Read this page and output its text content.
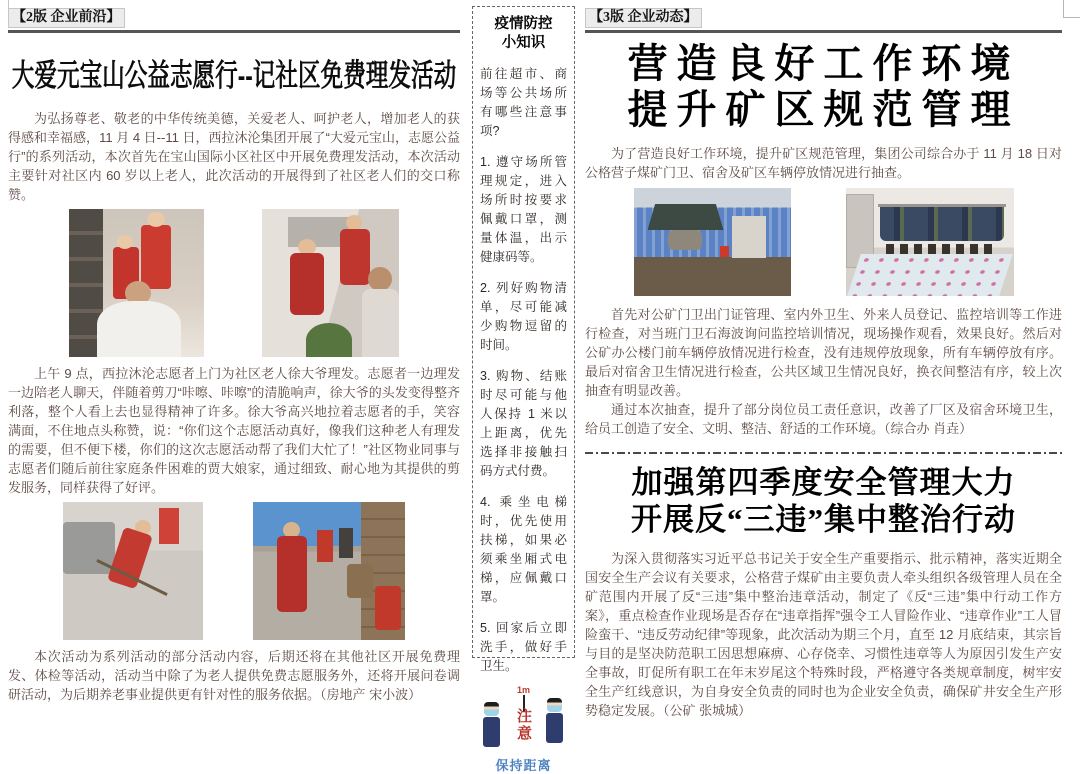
【2版 企业前沿】
大爱元宝山公益志愿行--记社区免费理发活动

为弘扬尊老、敬老的中华传统美德，关爱老人、呵护老人，增加老人的获得感和幸福感，11 月 4 日--11 日，西拉沐沦集团开展了“大爱元宝山，志愿公益行”的系列活动，本次首先在宝山国际小区社区中开展免费理发活动，本次活动主要针对社区内 60 岁以上老人，此次活动的开展得到了社区老人们的交口称赞。

上午 9 点，西拉沐沦志愿者上门为社区老人徐大爷理发。志愿者一边理发一边陪老人聊天，伴随着剪刀“咔嚓、咔嚓”的清脆响声，徐大爷的头发变得整齐利落，整个人看上去也显得精神了许多。徐大爷高兴地拉着志愿者的手，笑容满面，不住地点头称赞，说：“你们这个志愿活动真好，像我们这种老人有理发的需要，但不便下楼，你们的这次志愿活动帮了我们大忙了！”社区物业同事与志愿者们随后前往家庭条件困难的贾大娘家，通过细致、耐心地为其提供的剪发服务，同样获得了好评。

本次活动为系列活动的部分活动内容，后期还将在其他社区开展免费理发、体检等活动，活动当中除了为老人提供免费志愿服务外，还将开展问卷调研活动，为后期养老事业提供更有针对性的服务依据。（房地产 宋小波）

疫情防控
小知识

前往超市、商场等公共场所有哪些注意事项?

1. 遵守场所管理规定，进入场所时按要求佩戴口罩，测量体温，出示健康码等。

2. 列好购物清单，尽可能减少购物逗留的时间。

3. 购物、结账时尽可能与他人保持 1 米以上距离，优先选择非接触扫码方式付费。

4. 乘坐电梯时，优先使用扶梯，如果必须乘坐厢式电梯，应佩戴口罩。

5. 回家后立即洗手，做好手卫生。

1m
注意
保持距离
【3版 企业动态】
营造良好工作环境
提升矿区规范管理

为了营造良好工作环境，提升矿区规范管理，集团公司综合办于 11 月 18 日对公格营子煤矿门卫、宿舍及矿区车辆停放情况进行抽查。

首先对公矿门卫出门证管理、室内外卫生、外来人员登记、监控培训等工作进行检查，对当班门卫石海波询问监控培训情况，现场操作观看，效果良好。然后对公矿办公楼门前车辆停放情况进行检查，没有违规停放现象，所有车辆停放有序。最后对宿舍卫生情况进行检查，公共区域卫生情况良好，换衣间整洁有序，较上次抽查有明显改善。

通过本次抽查，提升了部分岗位员工责任意识，改善了厂区及宿舍环境卫生，给员工创造了安全、文明、整洁、舒适的工作环境。（综合办 肖垚）

加强第四季度安全管理大力
开展反“三违”集中整治行动

为深入贯彻落实习近平总书记关于安全生产重要指示、批示精神，落实近期全国安全生产会议有关要求，公格营子煤矿由主要负责人牵头组织各级管理人员在全矿范围内开展了反“三违”集中整治违章活动，制定了《反“三违”集中行动工作方案》，重点检查作业现场是否存在“违章指挥”强令工人冒险作业、“违章作业”工人冒险蛮干、“违反劳动纪律”等现象，此次活动为期三个月，直至 12 月底结束，其宗旨与目的是坚决防范职工因思想麻痹、心存侥幸、习惯性违章等人为原因引发生产安全事故，盯促所有职工在年末岁尾这个特殊时段，严格遵守各类规章制度，树牢安全生产红线意识，为自身安全负责的同时也为企业安全负责，确保矿井安全生产形势稳定发展。（公矿 张城城）
